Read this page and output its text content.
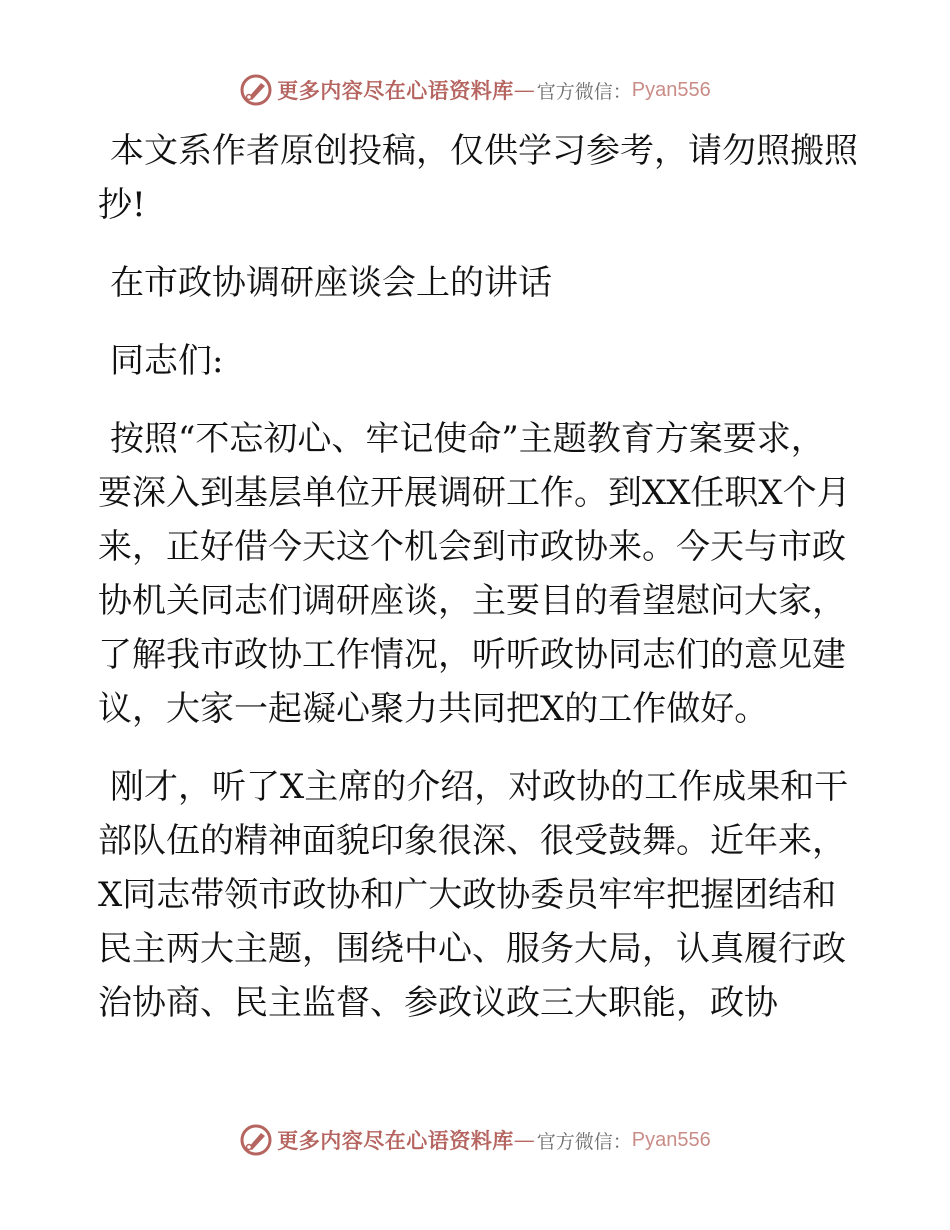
更多内容尽在心语资料库 — 官方微信： Pyan556

本文系作者原创投稿，仅供学习参考，请勿照搬照抄!

在市政协调研座谈会上的讲话

同志们:

按照“不忘初心、牢记使命”主题教育方案要求，要深入到基层单位开展调研工作。到XX任职X个月来，正好借今天这个机会到市政协来。今天与市政协机关同志们调研座谈，主要目的看望慰问大家，了解我市政协工作情况，听听政协同志们的意见建议，大家一起凝心聚力共同把X的工作做好。

刚才，听了X主席的介绍，对政协的工作成果和干部队伍的精神面貌印象很深、很受鼓舞。近年来，X同志带领市政协和广大政协委员牢牢把握团结和民主两大主题，围绕中心、服务大局，认真履行政治协商、民主监督、参政议政三大职能，政协

更多内容尽在心语资料库 — 官方微信： Pyan556
